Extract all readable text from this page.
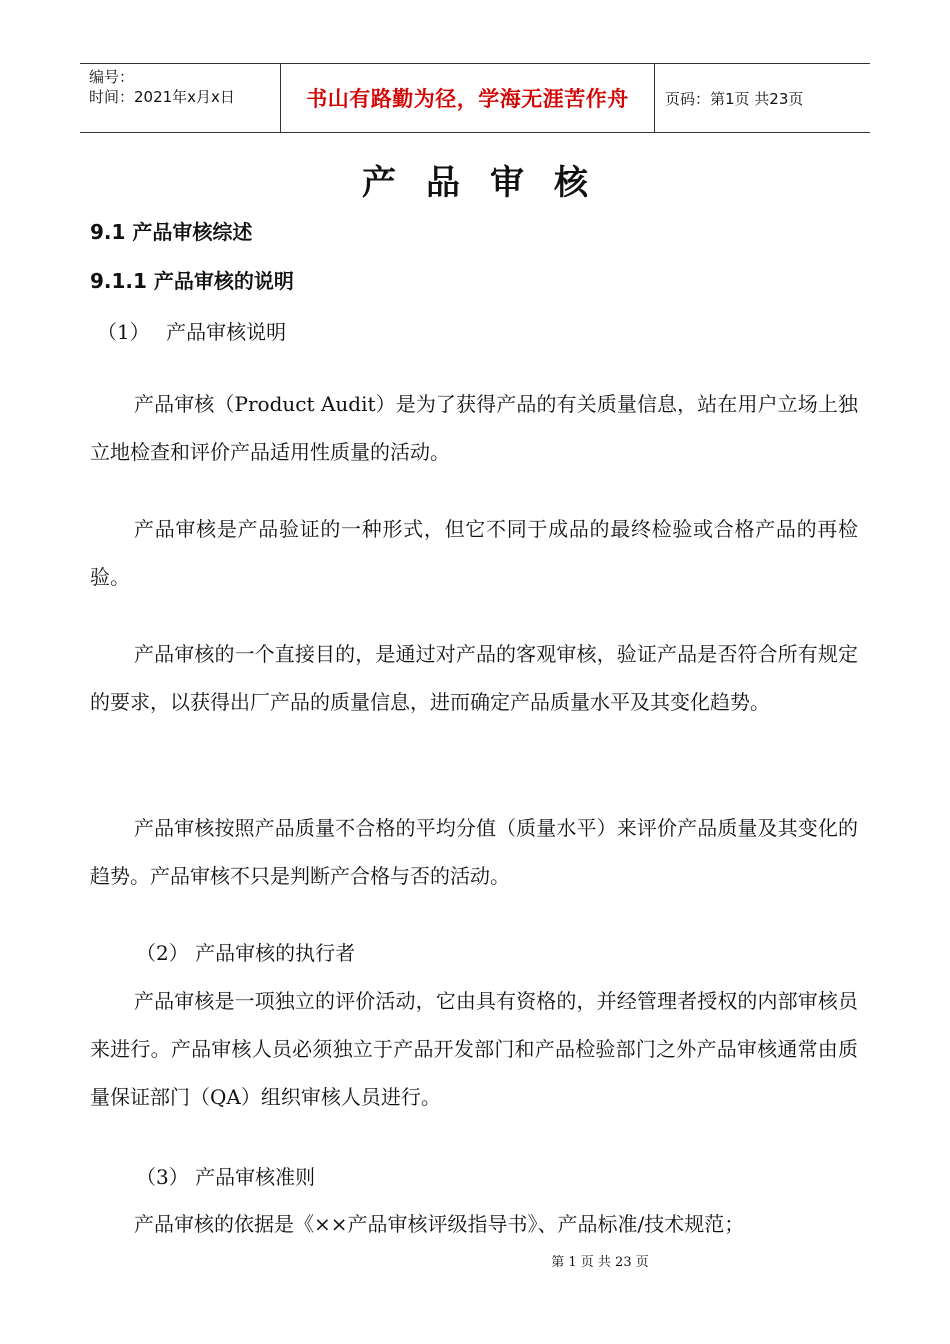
编号：
时间：2021年x月x日	书山有路勤为径，学海无涯苦作舟	页码：第1页 共23页
产品审核
9.1 产品审核综述
9.1.1 产品审核的说明
（1）　 产品审核说明

产品审核（Product Audit）是为了获得产品的有关质量信息，站在用户立场上独立地检查和评价产品适用性质量的活动。

产品审核是产品验证的一种形式，但它不同于成品的最终检验或合格产品的再检验。

产品审核的一个直接目的，是通过对产品的客观审核，验证产品是否符合所有规定的要求，以获得出厂产品的质量信息，进而确定产品质量水平及其变化趋势。

产品审核按照产品质量不合格的平均分值（质量水平）来评价产品质量及其变化的趋势。产品审核不只是判断产合格与否的活动。

（2） 产品审核的执行者

产品审核是一项独立的评价活动，它由具有资格的，并经管理者授权的内部审核员来进行。产品审核人员必须独立于产品开发部门和产品检验部门之外产品审核通常由质量保证部门（QA）组织审核人员进行。

（3） 产品审核准则

产品审核的依据是《××产品审核评级指导书》、产品标准/技术规范；

第 1 页 共 23 页
